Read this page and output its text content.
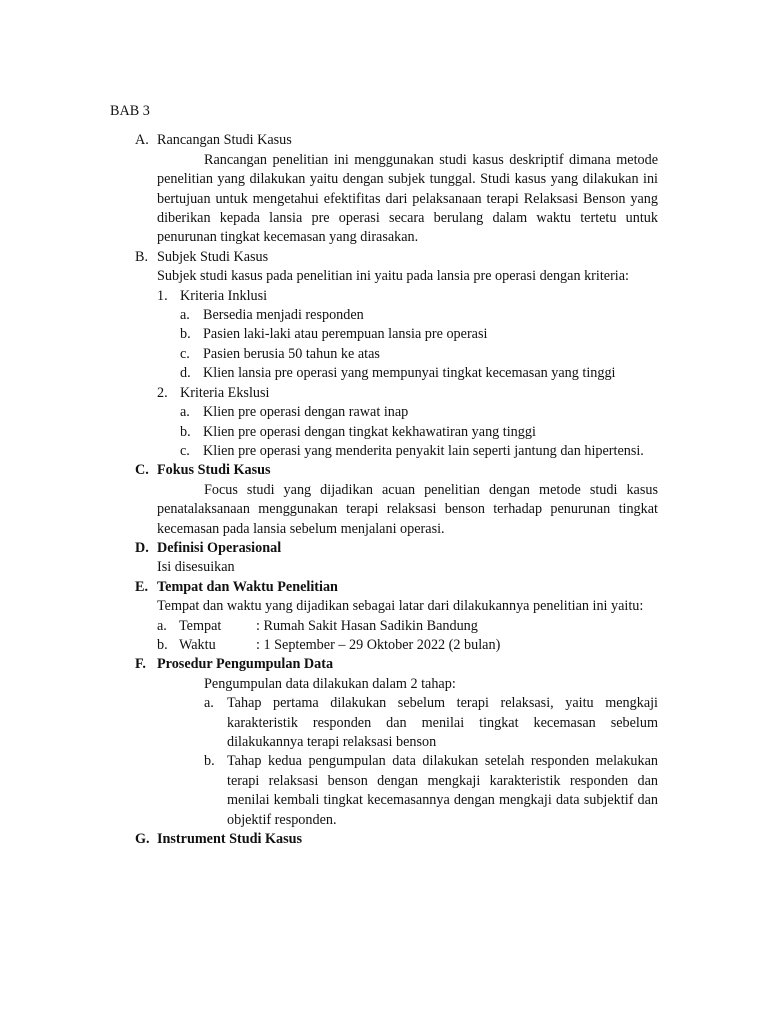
BAB 3

A. Rancangan Studi Kasus

Rancangan penelitian ini menggunakan studi kasus deskriptif dimana metode penelitian yang dilakukan yaitu dengan subjek tunggal. Studi kasus yang dilakukan ini bertujuan untuk mengetahui efektifitas dari pelaksanaan terapi Relaksasi Benson yang diberikan kepada lansia pre operasi secara berulang dalam waktu tertetu untuk penurunan tingkat kecemasan yang dirasakan.

B. Subjek Studi Kasus

Subjek studi kasus pada penelitian ini yaitu pada lansia pre operasi dengan kriteria:

1. Kriteria Inklusi

a. Bersedia menjadi responden

b. Pasien laki-laki atau perempuan lansia pre operasi

c. Pasien berusia 50 tahun ke atas

d. Klien lansia pre operasi yang mempunyai tingkat kecemasan yang tinggi

2. Kriteria Ekslusi

a. Klien pre operasi dengan rawat inap

b. Klien pre operasi dengan tingkat kekhawatiran yang tinggi

c. Klien pre operasi yang menderita penyakit lain seperti jantung dan hipertensi.

C. Fokus Studi Kasus

Focus studi yang dijadikan acuan penelitian dengan metode studi kasus penatalaksanaan menggunakan terapi relaksasi benson terhadap penurunan tingkat kecemasan pada lansia sebelum menjalani operasi.

D. Definisi Operasional

Isi disesuikan

E. Tempat dan Waktu Penelitian

Tempat dan waktu yang dijadikan sebagai latar dari dilakukannya penelitian ini yaitu:

a. Tempat	: Rumah Sakit Hasan Sadikin Bandung
b. Waktu	: 1 September – 29 Oktober 2022 (2 bulan)
F. Prosedur Pengumpulan Data

Pengumpulan data dilakukan dalam 2 tahap:

a. Tahap pertama dilakukan sebelum terapi relaksasi, yaitu mengkaji karakteristik responden dan menilai tingkat kecemasan sebelum dilakukannya terapi relaksasi benson

b. Tahap kedua pengumpulan data dilakukan setelah responden melakukan terapi relaksasi benson dengan mengkaji karakteristik responden dan menilai kembali tingkat kecemasannya dengan mengkaji data subjektif dan objektif responden.

G. Instrument Studi Kasus
